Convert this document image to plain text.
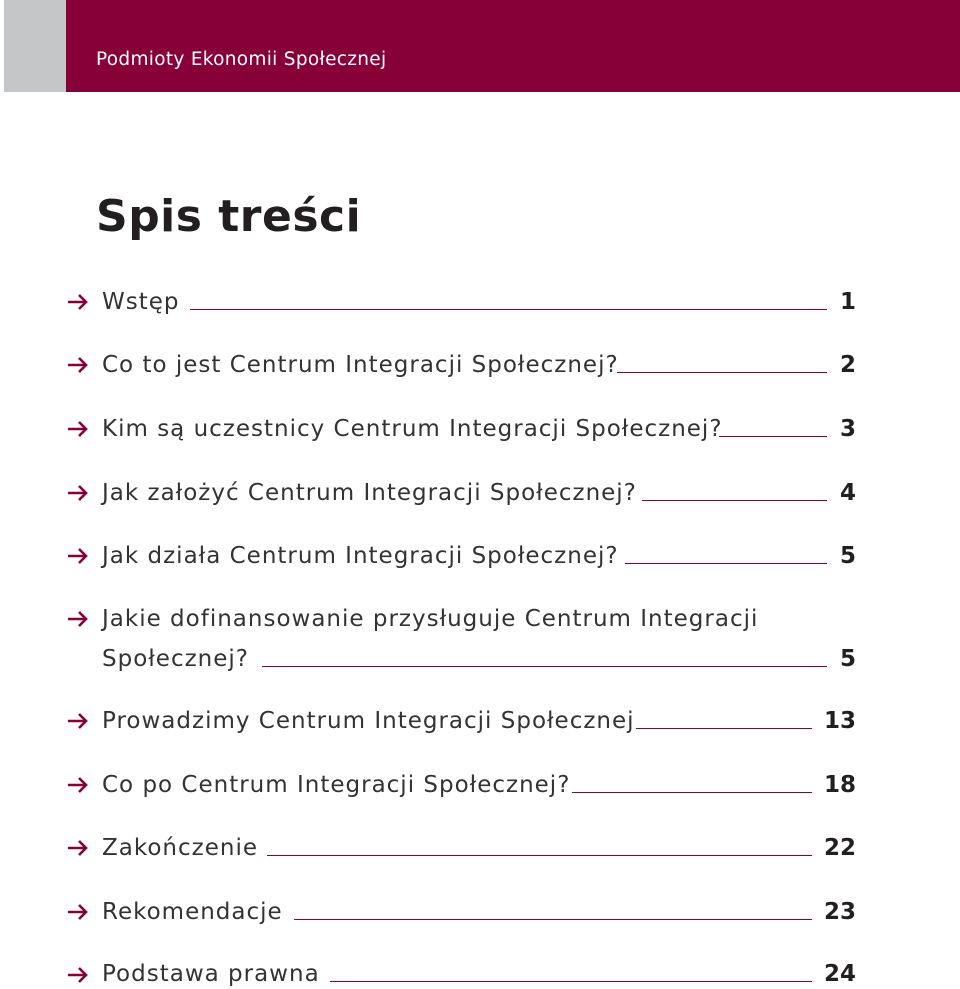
Podmioty Ekonomii Społecznej
Spis treści
Wstęp	1
Co to jest Centrum Integracji Społecznej?	2
Kim są uczestnicy Centrum Integracji Społecznej?	3
Jak założyć Centrum Integracji Społecznej?	4
Jak działa Centrum Integracji Społecznej?	5
Jakie dofinansowanie przysługuje Centrum Integracji
Społecznej?	5
Prowadzimy Centrum Integracji Społecznej	13
Co po Centrum Integracji Społecznej?	18
Zakończenie	22
Rekomendacje	23
Podstawa prawna	24
